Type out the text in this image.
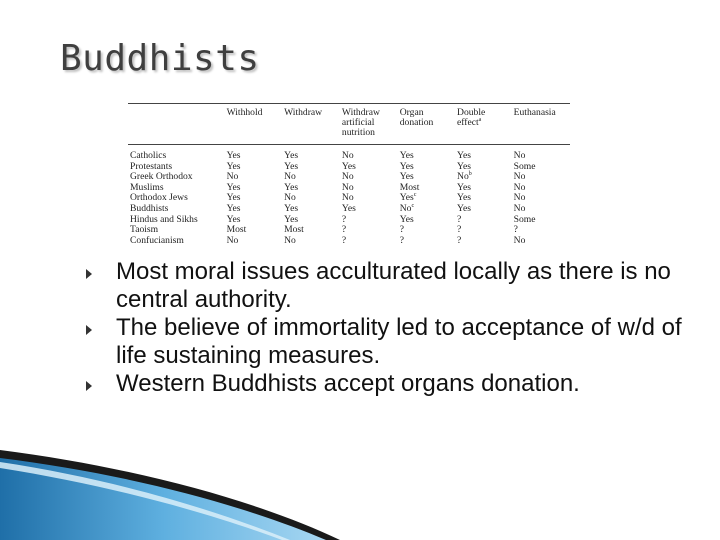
Buddhists
	Withhold	Withdraw	Withdraw artificial nutrition	Organ donation	Double effect$^a$	Euthanasia
Catholics	Yes	Yes	No	Yes	Yes	No
Protestants	Yes	Yes	Yes	Yes	Yes	Some
Greek Orthodox	No	No	No	Yes	No$^b$	No
Muslims	Yes	Yes	No	Most	Yes	No
Orthodox Jews	Yes	No	No	Yes$^c$	Yes	No
Buddhists	Yes	Yes	Yes	No$^c$	Yes	No
Hindus and Sikhs	Yes	Yes	?	Yes	?	Some
Taoism	Most	Most	?	?	?	?
Confucianism	No	No	?	?	?	No
Most moral issues acculturated locally as there is no central authority.
The believe of immortality led to acceptance of w/d of life sustaining measures.
Western Buddhists accept organs donation.
